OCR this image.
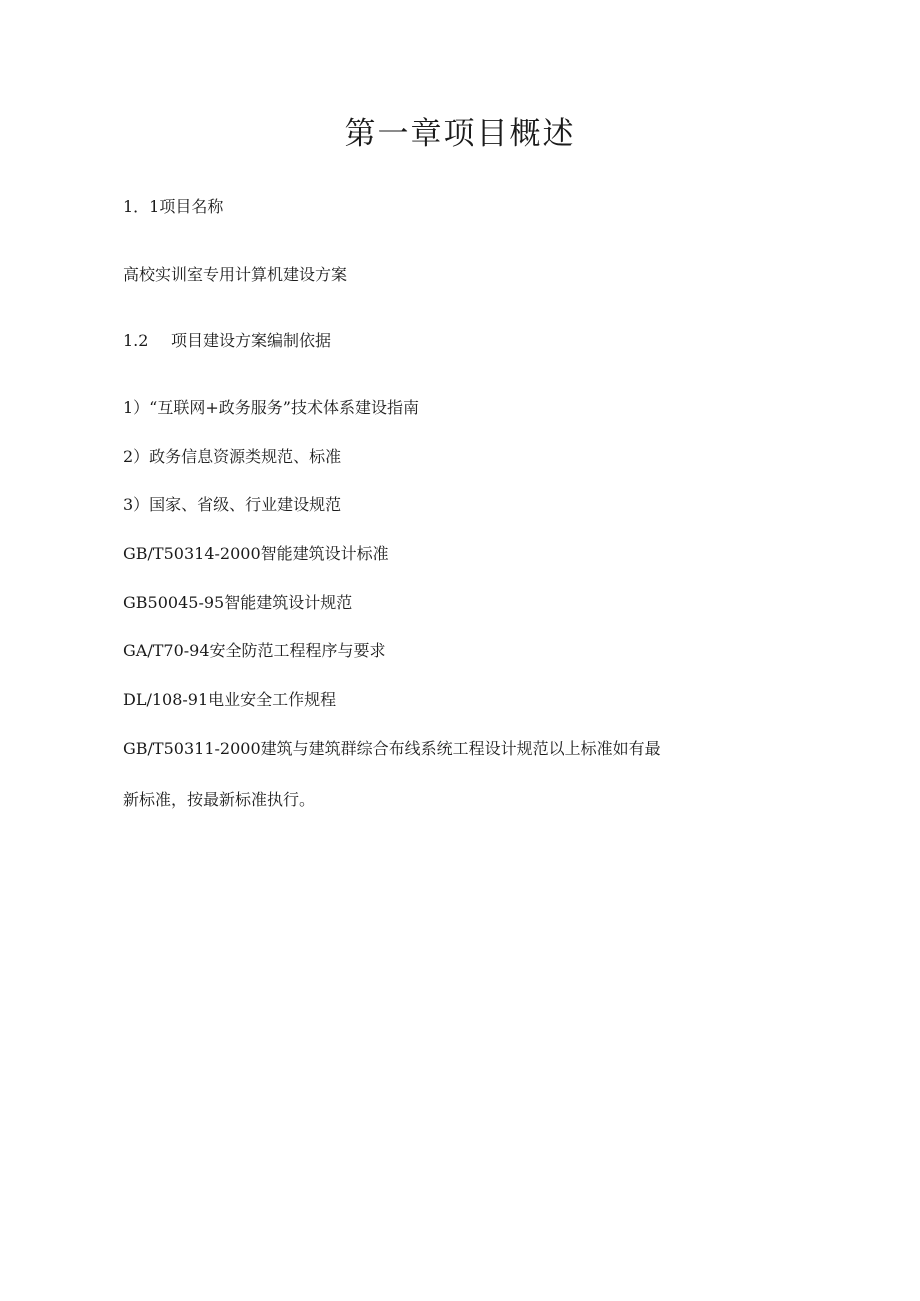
第一章项目概述
1．1项目名称
高校实训室专用计算机建设方案
1.2 项目建设方案编制依据
1）“互联网+政务服务”技术体系建设指南
2）政务信息资源类规范、标准
3）国家、省级、行业建设规范
GB/T50314-2000智能建筑设计标准
GB50045-95智能建筑设计规范
GA/T70-94安全防范工程程序与要求
DL/108-91电业安全工作规程
GB/T50311-2000建筑与建筑群综合布线系统工程设计规范以上标准如有最
新标准，按最新标准执行。
